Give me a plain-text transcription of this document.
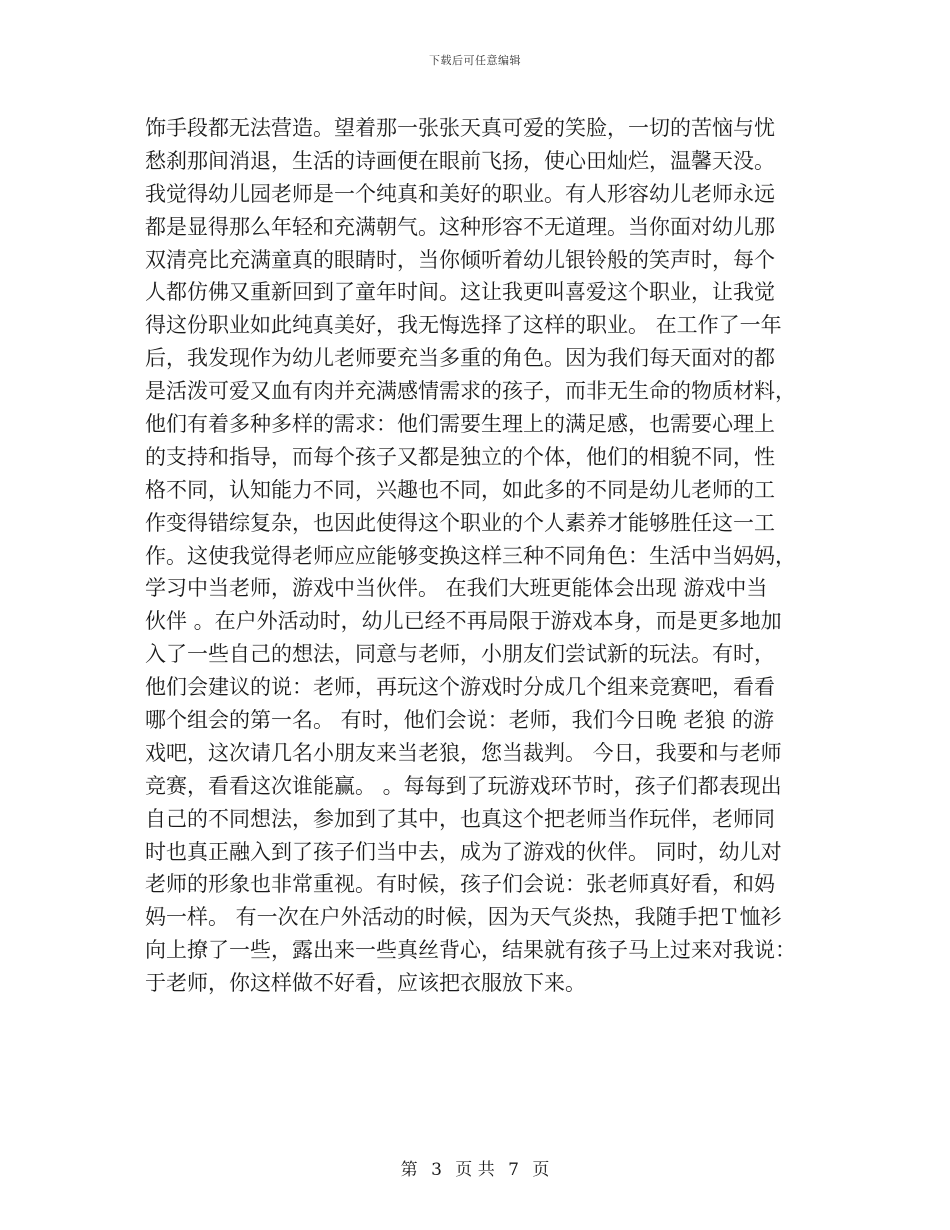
下载后可任意编辑
饰手段都无法营造。望着那一张张天真可爱的笑脸，一切的苦恼与忧
愁刹那间消退，生活的诗画便在眼前飞扬，使心田灿烂，温馨天没。
我觉得幼儿园老师是一个纯真和美好的职业。有人形容幼儿老师永远
都是显得那么年轻和充满朝气。这种形容不无道理。当你面对幼儿那
双清亮比充满童真的眼睛时，当你倾听着幼儿银铃般的笑声时，每个
人都仿佛又重新回到了童年时间。这让我更叫喜爱这个职业，让我觉
得这份职业如此纯真美好，我无悔选择了这样的职业。 在工作了一年
后，我发现作为幼儿老师要充当多重的角色。因为我们每天面对的都
是活泼可爱又血有肉并充满感情需求的孩子，而非无生命的物质材料，
他们有着多种多样的需求：他们需要生理上的满足感，也需要心理上
的支持和指导，而每个孩子又都是独立的个体，他们的相貌不同，性
格不同，认知能力不同，兴趣也不同，如此多的不同是幼儿老师的工
作变得错综复杂，也因此使得这个职业的个人素养才能够胜任这一工
作。这使我觉得老师应应能够变换这样三种不同角色：生活中当妈妈，
学习中当老师，游戏中当伙伴。 在我们大班更能体会出现 游戏中当
伙伴 。在户外活动时，幼儿已经不再局限于游戏本身，而是更多地加
入了一些自己的想法，同意与老师，小朋友们尝试新的玩法。有时，
他们会建议的说：老师，再玩这个游戏时分成几个组来竞赛吧，看看
哪个组会的第一名。 有时，他们会说：老师，我们今日晚 老狼 的游
戏吧，这次请几名小朋友来当老狼，您当裁判。 今日，我要和与老师
竞赛，看看这次谁能赢。 。每每到了玩游戏环节时，孩子们都表现出
自己的不同想法，参加到了其中，也真这个把老师当作玩伴，老师同
时也真正融入到了孩子们当中去，成为了游戏的伙伴。 同时，幼儿对
老师的形象也非常重视。有时候，孩子们会说：张老师真好看，和妈
妈一样。 有一次在户外活动的时候，因为天气炎热，我随手把Ｔ恤衫
向上撩了一些，露出来一些真丝背心，结果就有孩子马上过来对我说：
于老师，你这样做不好看，应该把衣服放下来。
第 3 页 共 7 页
